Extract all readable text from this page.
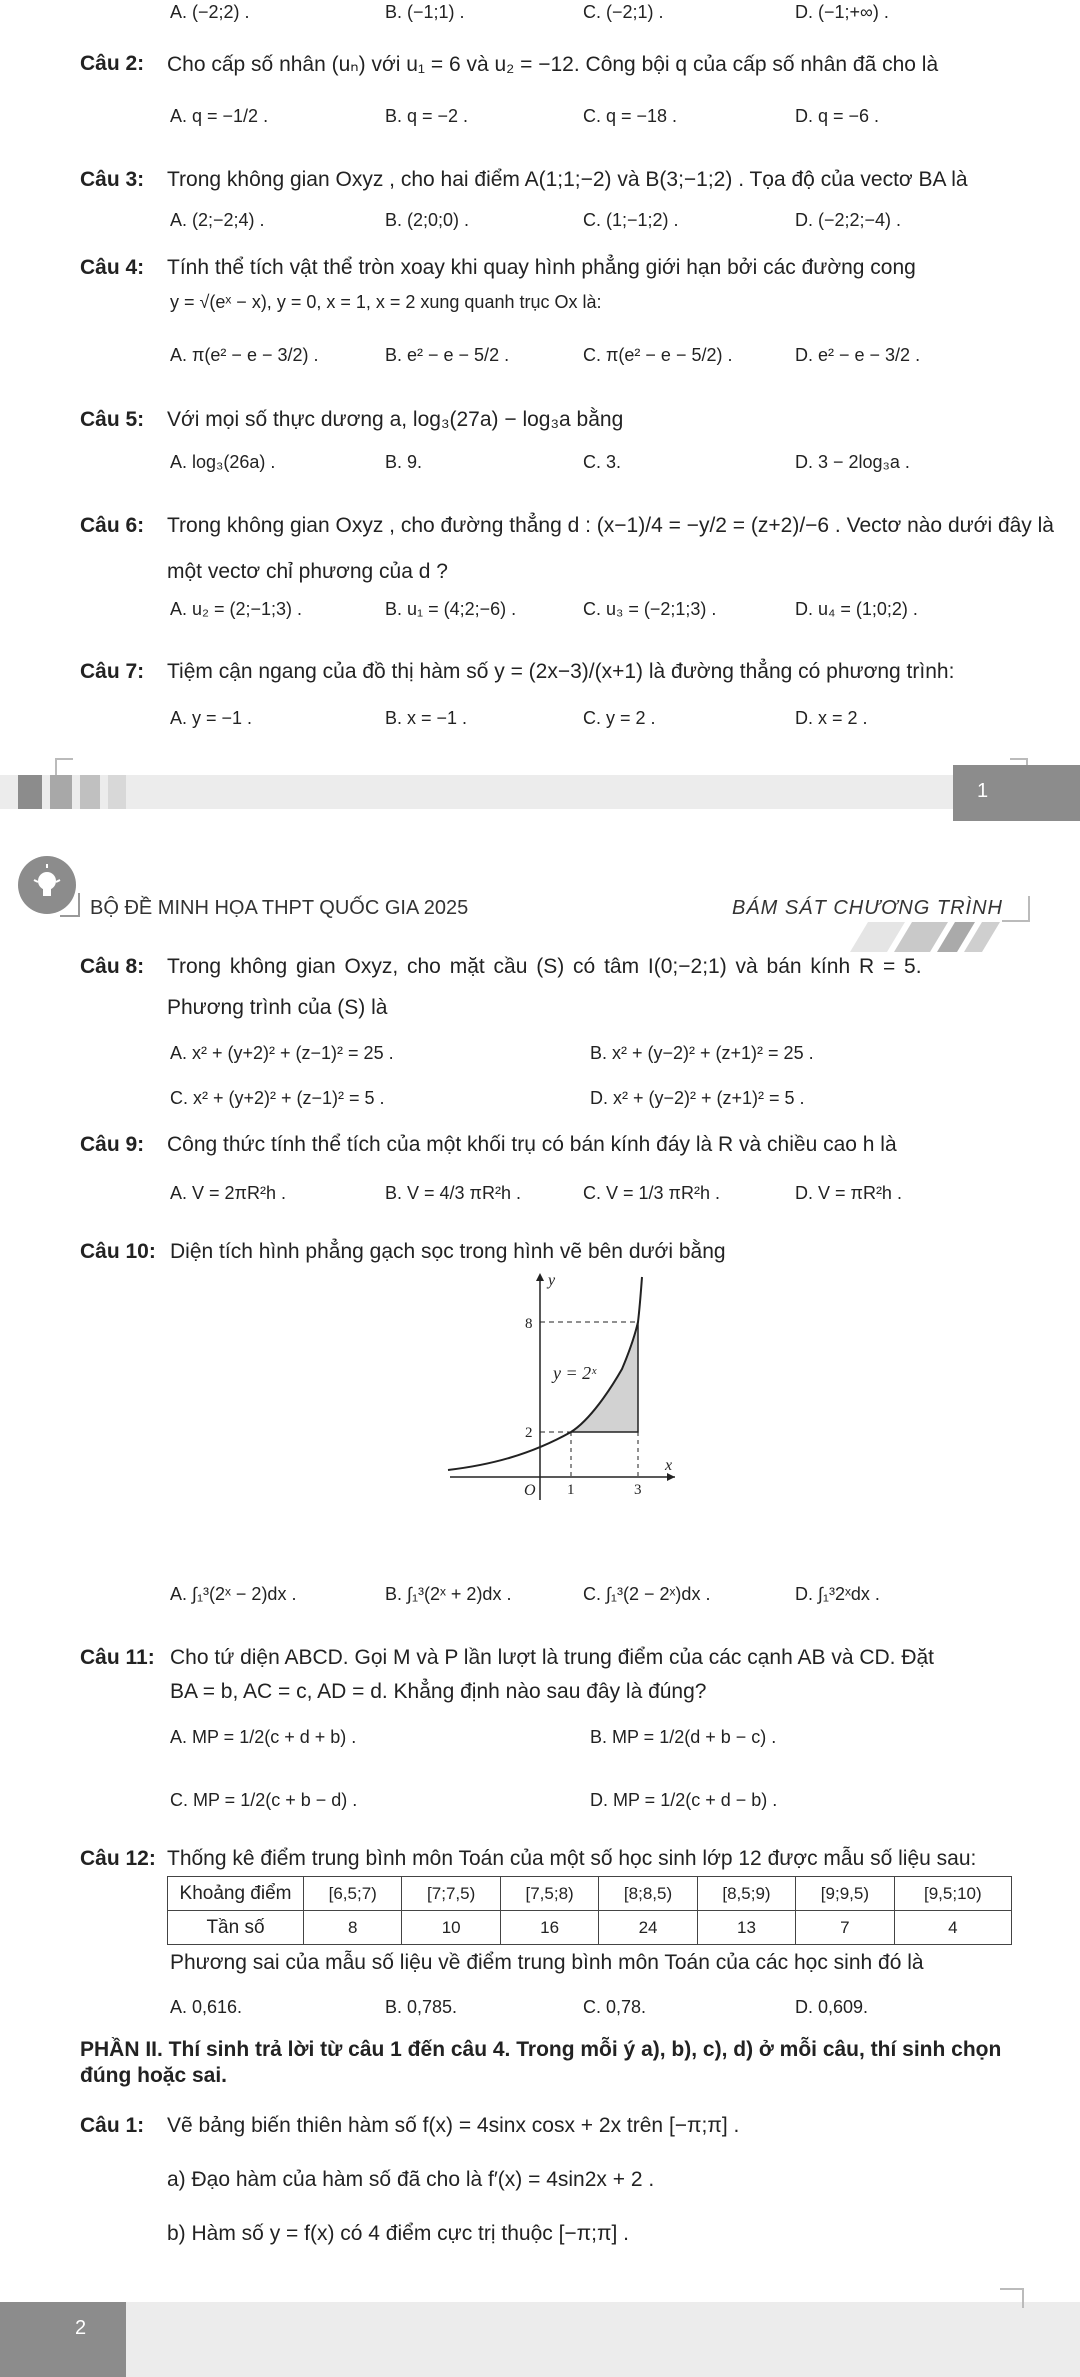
A. (−2;2) .	B. (−1;1) .	C. (−2;1) .	D. (−1;+∞) .
Câu 2: Cho cấp số nhân (uₙ) với u₁ = 6 và u₂ = −12. Công bội q của cấp số nhân đã cho là
A. q = −1/2 .	B. q = −2 .	C. q = −18 .	D. q = −6 .
Câu 3: Trong không gian Oxyz , cho hai điểm A(1;1;−2) và B(3;−1;2) . Tọa độ của vectơ BA là
A. (2;−2;4) .	B. (2;0;0) .	C. (1;−1;2) .	D. (−2;2;−4) .
Câu 4: Tính thể tích vật thể tròn xoay khi quay hình phẳng giới hạn bởi các đường cong
y = √(eˣ − x), y = 0, x = 1, x = 2 xung quanh trục Ox là:
A. π(e² − e − 3/2) .	B. e² − e − 5/2 .	C. π(e² − e − 5/2) .	D. e² − e − 3/2 .
Câu 5: Với mọi số thực dương a, log₃(27a) − log₃a bằng
A. log₃(26a) .	B. 9.	C. 3.	D. 3 − 2log₃a .
Câu 6: Trong không gian Oxyz , cho đường thẳng d : (x−1)/4 = −y/2 = (z+2)/−6 . Vectơ nào dưới đây là
một vectơ chỉ phương của d ?
A. u₂ = (2;−1;3) .	B. u₁ = (4;2;−6) .	C. u₃ = (−2;1;3) .	D. u₄ = (1;0;2) .
Câu 7: Tiệm cận ngang của đồ thị hàm số y = (2x−3)/(x+1) là đường thẳng có phương trình:
A. y = −1 .	B. x = −1 .	C. y = 2 .	D. x = 2 .
1
BỘ ĐỀ MINH HỌA THPT QUỐC GIA 2025	BÁM SÁT CHƯƠNG TRÌNH
Câu 8: Trong không gian Oxyz, cho mặt cầu (S) có tâm I(0;−2;1) và bán kính R = 5.
Phương trình của (S) là
A. x² + (y+2)² + (z−1)² = 25 .	B. x² + (y−2)² + (z+1)² = 25 .
C. x² + (y+2)² + (z−1)² = 5 .	D. x² + (y−2)² + (z+1)² = 5 .
Câu 9: Công thức tính thể tích của một khối trụ có bán kính đáy là R và chiều cao h là
A. V = 2πR²h .	B. V = 4/3 πR²h .	C. V = 1/3 πR²h .	D. V = πR²h .
Câu 10: Diện tích hình phẳng gạch sọc trong hình vẽ bên dưới bằng
y
x
O
y = 2ˣ
8
2
1	3
A. ∫₁³(2ˣ − 2)dx .	B. ∫₁³(2ˣ + 2)dx .	C. ∫₁³(2 − 2ˣ)dx .	D. ∫₁³2ˣdx .
Câu 11: Cho tứ diện ABCD. Gọi M và P lần lượt là trung điểm của các cạnh AB và CD. Đặt
BA = b, AC = c, AD = d. Khẳng định nào sau đây là đúng?
A. MP = 1/2(c + d + b) .	B. MP = 1/2(d + b − c) .
C. MP = 1/2(c + b − d) .	D. MP = 1/2(c + d − b) .
Câu 12: Thống kê điểm trung bình môn Toán của một số học sinh lớp 12 được mẫu số liệu sau:
Khoảng điểm	[6,5;7)	[7;7,5)	[7,5;8)	[8;8,5)	[8,5;9)	[9;9,5)	[9,5;10)
Tần số	8	10	16	24	13	7	4
Phương sai của mẫu số liệu về điểm trung bình môn Toán của các học sinh đó là
A. 0,616.	B. 0,785.	C. 0,78.	D. 0,609.
PHẦN II. Thí sinh trả lời từ câu 1 đến câu 4. Trong mỗi ý a), b), c), d) ở mỗi câu, thí sinh chọn
đúng hoặc sai.
Câu 1: Vẽ bảng biến thiên hàm số f(x) = 4sinx cosx + 2x trên [−π;π] .
a) Đạo hàm của hàm số đã cho là f′(x) = 4sin2x + 2 .
b) Hàm số y = f(x) có 4 điểm cực trị thuộc [−π;π] .
2
